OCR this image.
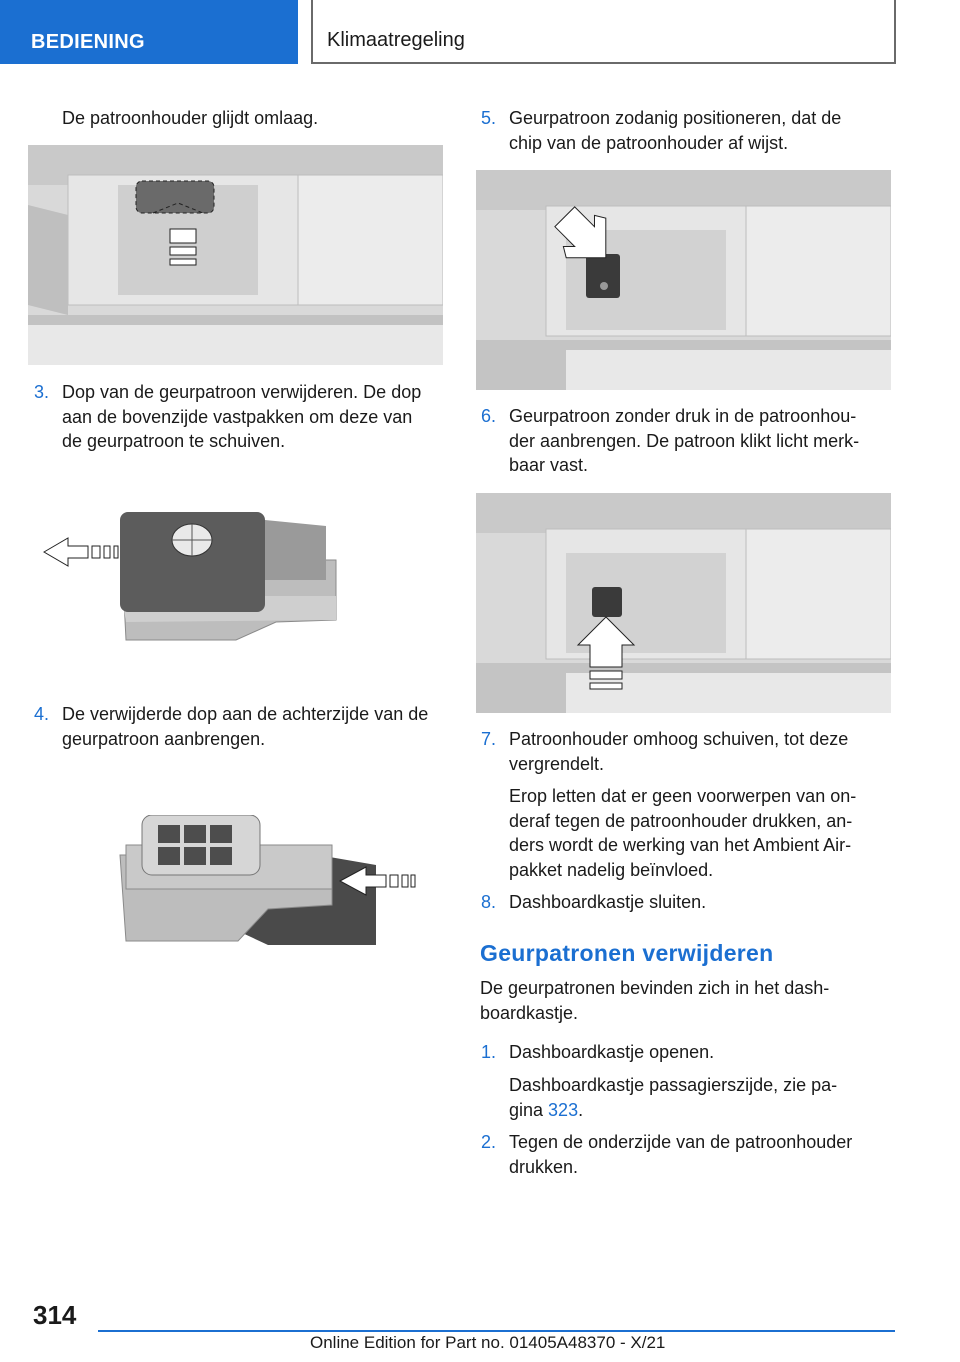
BEDIENING	Klimaatregeling
De patroonhouder glijdt omlaag.
3. Dop van de geurpatroon verwijderen. De dop
aan de bovenzijde vastpakken om deze van
de geurpatroon te schuiven.
4. De verwijderde dop aan de achterzijde van de
geurpatroon aanbrengen.
5. Geurpatroon zodanig positioneren, dat de
chip van de patroonhouder af wijst.
6. Geurpatroon zonder druk in de patroonhou-
der aanbrengen. De patroon klikt licht merk-
baar vast.
7. Patroonhouder omhoog schuiven, tot deze
vergrendelt.
Erop letten dat er geen voorwerpen van on-
deraf tegen de patroonhouder drukken, an-
ders wordt de werking van het Ambient Air-
pakket nadelig beïnvloed.
8. Dashboardkastje sluiten.
Geurpatronen verwijderen
De geurpatronen bevinden zich in het dash-
boardkastje.
1. Dashboardkastje openen.
Dashboardkastje passagierszijde, zie pa-
gina 323.
2. Tegen de onderzijde van de patroonhouder
drukken.
314
Online Edition for Part no. 01405A48370 - X/21
